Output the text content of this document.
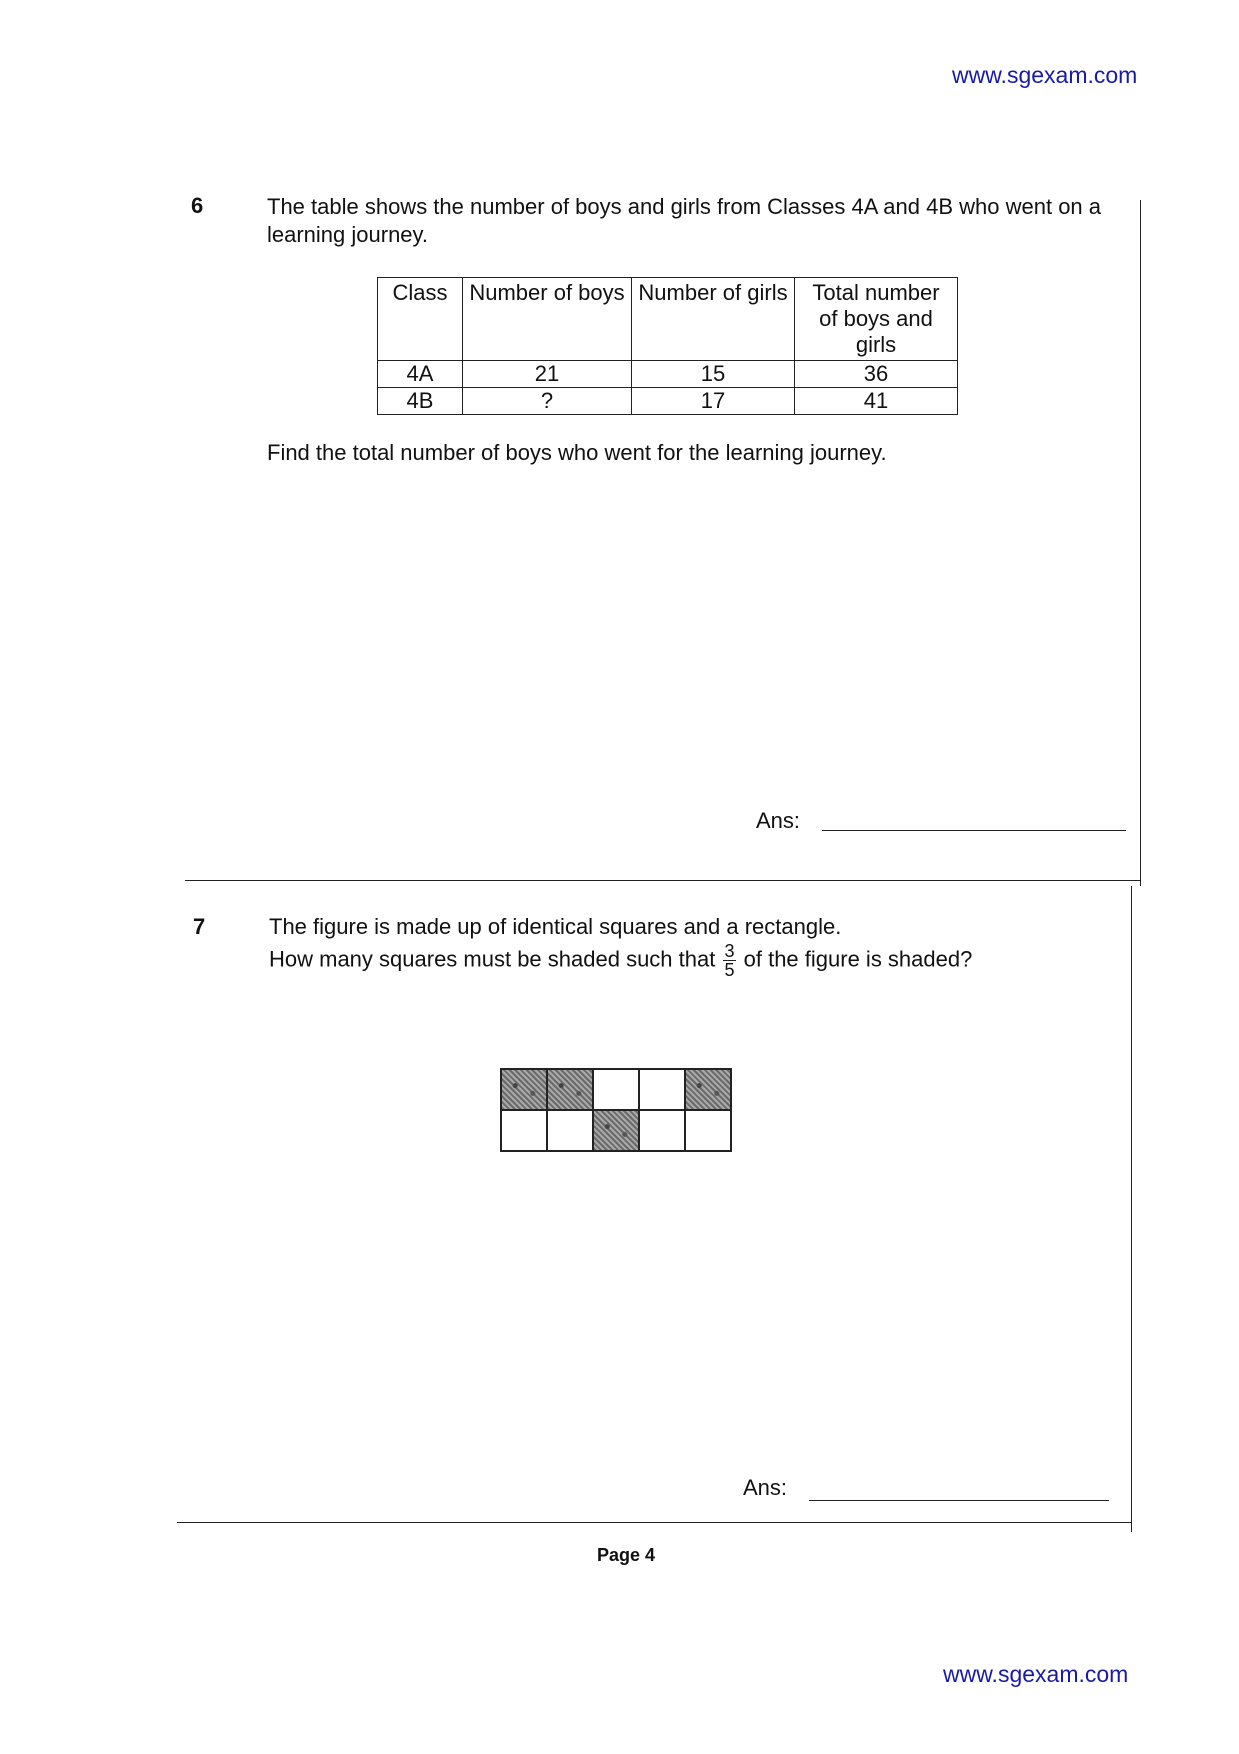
www.sgexam.com
6	The table shows the number of boys and girls from Classes 4A and 4B who went on a learning journey.
Class	Number of boys	Number of girls	Total number of boys and girls
4A	21	15	36
4B	?	17	41
Find the total number of boys who went for the learning journey.
Ans:
7	The figure is made up of identical squares and a rectangle.
How many squares must be shaded such that $\frac{3}{5}$ of the figure is shaded?
Ans:
Page 4
www.sgexam.com
